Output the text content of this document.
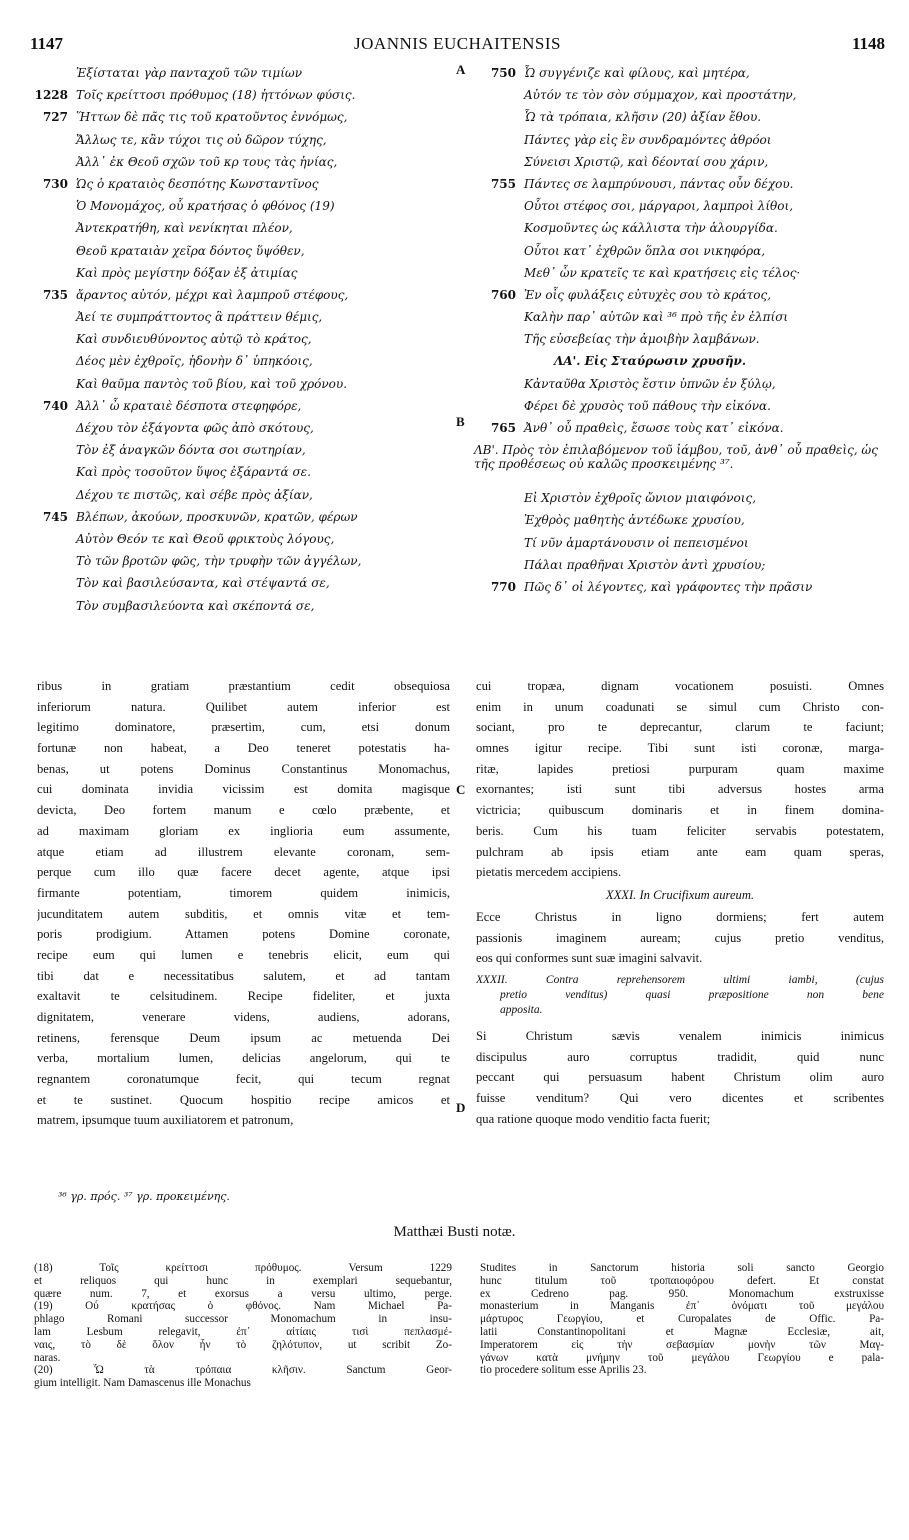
1147	JOANNIS EUCHAITENSIS	1148
A
B
C
D
Ἐξίσταται γὰρ πανταχοῦ τῶν τιμίων
1228 Τοῖς κρείττοσι πρόθυμος (18) ἡττόνων φύσις.
727 Ἥττων δὲ πᾶς τις τοῦ κρατοῦντος ἐννόμως,
Ἄλλως τε, κἂν τύχοι τις οὐ δῶρον τύχης,
Ἀλλ᾽ ἐκ Θεοῦ σχῶν τοῦ κρ τους τὰς ἡνίας,
730 Ὡς ὁ κραταιὸς δεσπότης Κωνσταντῖνος
Ὁ Μονομάχος, οὗ κρατήσας ὁ φθόνος (19)
Ἀντεκρατήθη, καὶ νενίκηται πλέον,
Θεοῦ κραταιὰν χεῖρα δόντος ὕψόθεν,
Καὶ πρὸς μεγίστην δόξαν ἐξ ἀτιμίας
735 ἄραντος αὐτόν, μέχρι καὶ λαμπροῦ στέφους,
Ἀεί τε συμπράττοντος ἃ πράττειν θέμις,
Καὶ συνδιευθύνοντος αὐτῷ τὸ κράτος,
Δέος μὲν ἐχθροῖς, ἡδονὴν δ᾽ ὑπηκόοις,
Καὶ θαῦμα παντὸς τοῦ βίου, καὶ τοῦ χρόνου.
740 Ἀλλ᾽ ὦ κραταιὲ δέσποτα στεφηφόρε,
Δέχου τὸν ἐξάγοντα φῶς ἀπὸ σκότους,
Τὸν ἐξ ἀναγκῶν δόντα σοι σωτηρίαν,
Καὶ πρὸς τοσοῦτον ὕψος ἐξάραντά σε.
Δέχου τε πιστῶς, καὶ σέβε πρὸς ἀξίαν,
745 Βλέπων, ἀκούων, προσκυνῶν, κρατῶν, φέρων
Αὐτὸν Θεόν τε καὶ Θεοῦ φρικτοὺς λόγους,
Τὸ τῶν βροτῶν φῶς, τὴν τρυφὴν τῶν ἀγγέλων,
Τὸν καὶ βασιλεύσαντα, καὶ στέψαντά σε,
Τὸν συμβασιλεύοντα καὶ σκέποντά σε,
750 Ὦ συγγένιζε καὶ φίλους, καὶ μητέρα,
Αὐτόν τε τὸν σὸν σύμμαχον, καὶ προστάτην,
Ὧ τὰ τρόπαια, κλῆσιν (20) ἀξίαν ἔθου.
Πάντες γὰρ εἰς ἓν συνδραμόντες ἀθρόοι
Σύνεισι Χριστῷ, καὶ δέονταί σου χάριν,
755 Πάντες σε λαμπρύνουσι, πάντας οὖν δέχου.
Οὗτοι στέφος σοι, μάργαροι, λαμπροὶ λίθοι,
Κοσμοῦντες ὡς κάλλιστα τὴν ἁλουργίδα.
Οὗτοι κατ᾽ ἐχθρῶν ὅπλα σοι νικηφόρα,
Μεθ᾽ ὧν κρατεῖς τε καὶ κρατήσεις εἰς τέλος·
760 Ἐν οἷς φυλάξεις εὐτυχὲς σου τὸ κράτος,
Καλὴν παρ᾽ αὐτῶν καὶ ³⁶ πρὸ τῆς ἐν ἐλπίσι
Τῆς εὐσεβείας τὴν ἀμοιβὴν λαμβάνων.
ΛΑ'. Εἰς Σταύρωσιν χρυσῆν.
Κἀνταῦθα Χριστὸς ἔστιν ὑπνῶν ἐν ξύλῳ,
Φέρει δὲ χρυσὸς τοῦ πάθους τὴν εἰκόνα.
765 Ἀνθ᾽ οὗ πραθεὶς, ἔσωσε τοὺς κατ᾽ εἰκόνα.
ΛΒ'. Πρὸς τὸν ἐπιλαβόμενον τοῦ ἰάμβου, τοῦ, ἀνθ᾽ οὗ πραθεὶς, ὡς τῆς προθέσεως οὐ καλῶς προσκειμένης ³⁷.
Εἰ Χριστὸν ἐχθροῖς ὤνιον μιαιφόνοις,
Ἐχθρὸς μαθητὴς ἀντέδωκε χρυσίου,
Τί νῦν ἁμαρτάνουσιν οἱ πεπεισμένοι
Πάλαι πραθῆναι Χριστὸν ἀντὶ χρυσίου;
770 Πῶς δ᾽ οἱ λέγοντες, καὶ γράφοντες τὴν πρᾶσιν
ribus in gratiam præstantium cedit obsequiosa
inferiorum natura. Quilibet autem inferior est
legitimo dominatore, præsertim, cum, etsi donum
fortunæ non habeat, a Deo teneret potestatis ha-
benas, ut potens Dominus Constantinus Monomachus,
cui dominata invidia vicissim est domita magisque
devicta, Deo fortem manum e cœlo præbente, et
ad maximam gloriam ex inglioria eum assumente,
atque etiam ad illustrem elevante coronam, sem-
perque cum illo quæ facere decet agente, atque ipsi
firmante potentiam, timorem quidem inimicis,
jucunditatem autem subditis, et omnis vitæ et tem-
poris prodigium. Attamen potens Domine coronate,
recipe eum qui lumen e tenebris elicit, eum qui
tibi dat e necessitatibus salutem, et ad tantam
exaltavit te celsitudinem. Recipe fideliter, et juxta
dignitatem, venerare videns, audiens, adorans,
retinens, ferensque Deum ipsum ac metuenda Dei
verba, mortalium lumen, delicias angelorum, qui te
regnantem coronatumque fecit, qui tecum regnat
et te sustinet. Quocum hospitio recipe amicos et
matrem, ipsumque tuum auxiliatorem et patronum,
cui tropæa, dignam vocationem posuisti. Omnes
enim in unum coadunati se simul cum Christo con-
sociant, pro te deprecantur, clarum te faciunt;
omnes igitur recipe. Tibi sunt isti coronæ, marga-
ritæ, lapides pretiosi purpuram quam maxime
exornantes; isti sunt tibi adversus hostes arma
victricia; quibuscum dominaris et in finem domina-
beris. Cum his tuam feliciter servabis potestatem,
pulchram ab ipsis etiam ante eam quam speras,
pietatis mercedem accipiens.
XXXI. In Crucifixum aureum.
Ecce Christus in ligno dormiens; fert autem
passionis imaginem auream; cujus pretio venditus,
eos qui conformes sunt suæ imagini salvavit.
XXXII. Contra reprehensorem ultimi iambi, (cujus
pretio venditus) quasi præpositione non bene
apposita.
Si Christum sævis venalem inimicis inimicus
discipulus auro corruptus tradidit, quid nunc
peccant qui persuasum habent Christum olim auro
fuisse venditum? Qui vero dicentes et scribentes
qua ratione quoque modo venditio facta fuerit;
³⁶ γρ. πρός. ³⁷ γρ. προκειμένης.
Matthæi Busti notæ.
(18) Τοῖς κρείττοσι πρόθυμος. Versum 1229
et reliquos qui hunc in exemplari sequebantur,
quære num. 7, et exorsus a versu ultimo, perge.
(19) Οὗ κρατήσας ὁ φθόνος. Nam Michael Pa-
phlago Romani successor Monomachum in insu-
lam Lesbum relegavit, ἐπ᾽ αἰτίαις τισὶ πεπλασμέ-
ναις, τὸ δὲ ὅλον ἦν τὸ ζηλότυπον, ut scribit Zo-
naras.
(20) Ὧ τὰ τρόπαια κλῆσιν. Sanctum Geor-
gium intelligit. Nam Damascenus ille Monachus
Studites in Sanctorum historia soli sancto Georgio
hunc titulum τοῦ τροπαιοφόρου defert. Et constat
ex Cedreno pag. 950. Monomachum exstruxisse
monasterium in Manganis ἐπ᾽ ὀνόματι τοῦ μεγάλου
μάρτυρος Γεωργίου, et Curopalates de Offic. Pa-
latii Constantinopolitani et Magnæ Ecclesiæ, ait,
Imperatorem εἰς τὴν σεβασμίαν μονὴν τῶν Μαγ-
γάνων κατὰ μνήμην τοῦ μεγάλου Γεωργίου e pala-
tio procedere solitum esse Aprilis 23.
